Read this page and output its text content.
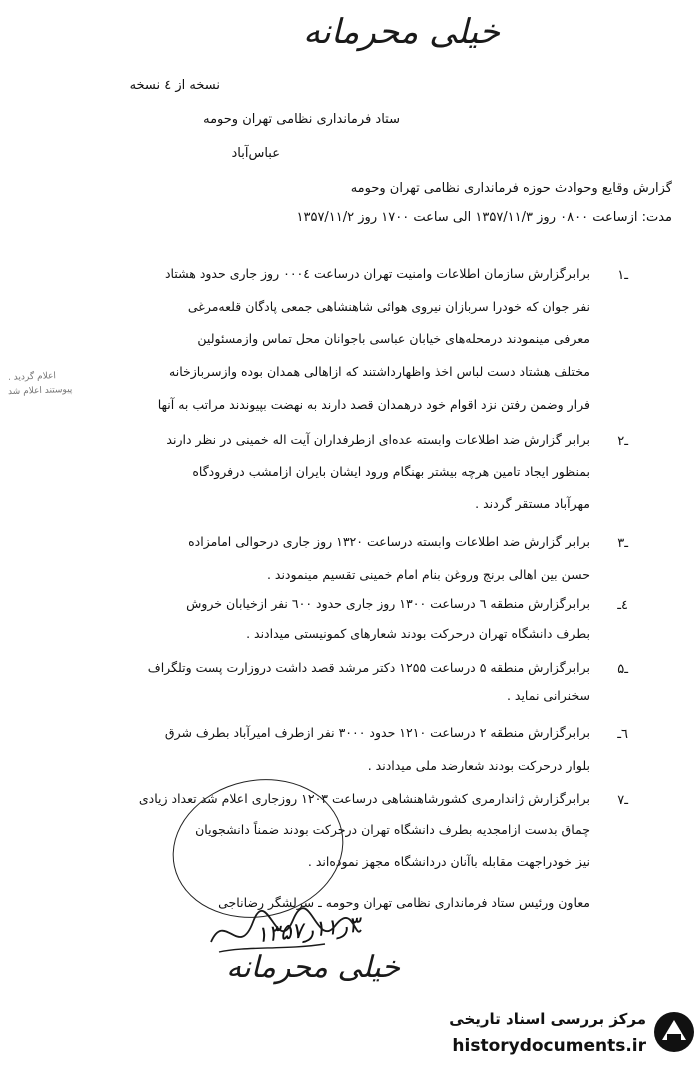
خیلی محرمانه
نسخه از ٤ نسخه
ستاد فرمانداری نظامی تهران وحومه
عباس‌آباد
گزارش وقایع وحوادث حوزه فرمانداری نظامی تهران وحومه
مدت: ازساعت ۰۸۰۰ روز ۱۳۵۷/۱۱/۳ الی ساعت ۱۷۰۰ روز ۱۳۵۷/۱۱/۲
۱ـ
برابرگزارش سازمان اطلاعات وامنیت تهران درساعت ۰۰۰٤ روز جاری حدود هشتاد
نفر جوان که خودرا سربازان نیروی هوائی شاهنشاهی جمعی پادگان قلعه‌مرغی
معرفی مینمودند درمحله‌های خیابان عباسی باجوانان محل تماس وازمسئولین
مختلف هشتاد دست لباس اخذ واظهارداشتند که ازاهالی همدان بوده وازسربازخانه
فرار وضمن رفتن نزد اقوام خود درهمدان قصد دارند به نهضت بپیوندند مراتب به آنها
اعلام گردید .
پیوستند اعلام شد
۲ـ
برابر گزارش ضد اطلاعات وابسته عده‌ای ازطرفداران آیت اله خمینی در نظر دارند
بمنظور ایجاد تامین هرچه بیشتر بهنگام ورود ایشان بایران ازامشب درفرودگاه
مهرآباد مستقر گردند .
۳ـ
برابر گزارش ضد اطلاعات وابسته درساعت ۱۳۲۰ روز جاری درحوالی امامزاده
حسن بین اهالی برنج وروغن بنام امام خمینی تقسیم مینمودند .
٤ـ
برابرگزارش منطقه ٦ درساعت ۱۳۰۰ روز جاری حدود ٦۰۰ نفر ازخیابان خروش
بطرف دانشگاه تهران درحرکت بودند شعارهای کمونیستی میدادند .
۵ـ
برابرگزارش منطقه ۵ درساعت ۱۲۵۵ دکتر مرشد قصد داشت دروزارت پست وتلگراف
سخنرانی نماید .
٦ـ
برابرگزارش منطقه ۲ درساعت ۱۲۱۰ حدود ۳۰۰۰ نفر ازطرف امیرآباد بطرف شرق
بلوار درحرکت بودند شعارضد ملی میدادند .
۷ـ
برابرگزارش ژاندارمری کشورشاهنشاهی درساعت ۱۲۰۳ روزجاری اعلام شد تعداد زیادی
چماق بدست ازامجدیه بطرف دانشگاه تهران درحرکت بودند ضمناً دانشجویان
نیز خودراجهت مقابله باآنان دردانشگاه مجهز نموده‌اند .
معاون ورئیس ستاد فرمانداری نظامی تهران وحومه ـ سرلشگر رضاناجی
۳ر۱۱ر۱۳۵۷
خیلی محرمانه
مرکز بررسی اسناد تاریخی
historydocuments.ir
